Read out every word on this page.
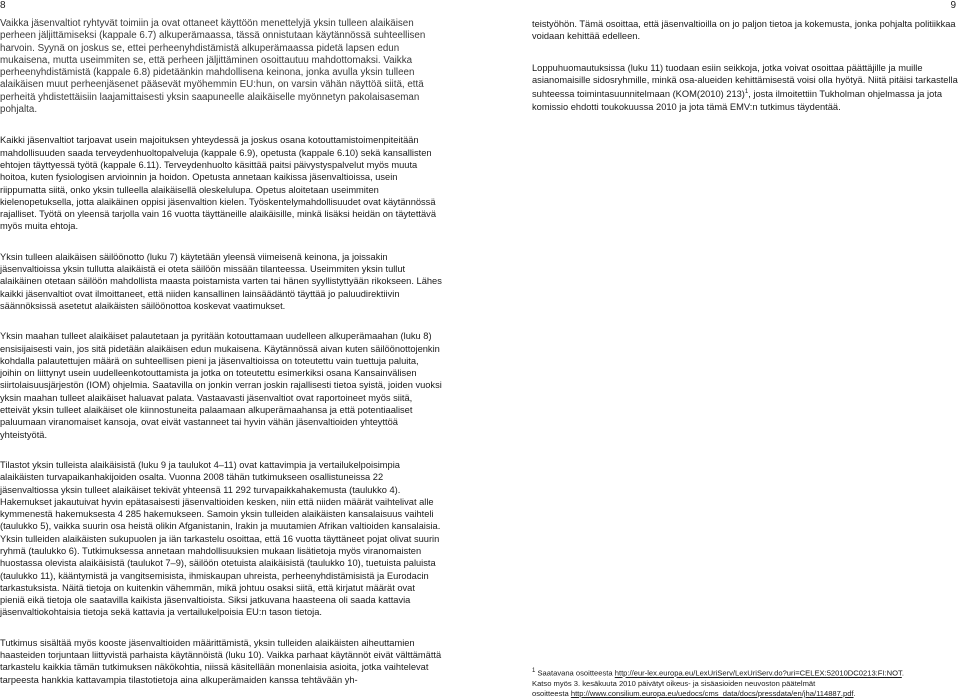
8	9

Vaikka jäsenvaltiot ryhtyvät toimiin ja ovat ottaneet käyttöön menettelyjä yksin tulleen alaikäisen perheen jäljittämiseksi (kappale 6.7) alkuperämaassa, tässä onnistutaan käytännössä suhteellisen harvoin. Syynä on joskus se, ettei perheenyhdistämistä alkuperämaassa pidetä lapsen edun mukaisena, mutta useimmiten se, että perheen jäljittäminen osoittautuu mahdottomaksi. Vaikka perheenyhdistämistä (kappale 6.8) pidetäänkin mahdollisena keinona, jonka avulla yksin tulleen alaikäisen muut perheenjäsenet pääsevät myöhemmin EU:hun, on varsin vähän näyttöä siitä, että perheitä yhdistettäisiin laajamittaisesti yksin saapuneelle alaikäiselle myönnetyn pakolaisaseman pohjalta.

Kaikki jäsenvaltiot tarjoavat usein majoituksen yhteydessä ja joskus osana kotouttamistoimenpiteitään mahdollisuuden saada terveydenhuoltopalveluja (kappale 6.9), opetusta (kappale 6.10) sekä kansallisten ehtojen täyttyessä työtä (kappale 6.11). Terveydenhuolto käsittää paitsi päivystyspalvelut myös muuta hoitoa, kuten fysiologisen arvioinnin ja hoidon. Opetusta annetaan kaikissa jäsenvaltioissa, usein riippumatta siitä, onko yksin tulleella alaikäisellä oleskelulupa. Opetus aloitetaan useimmiten kielenopetuksella, jotta alaikäinen oppisi jäsenvaltion kielen. Työskentelymahdollisuudet ovat käytännössä rajalliset. Työtä on yleensä tarjolla vain 16 vuotta täyttäneille alaikäisille, minkä lisäksi heidän on täytettävä myös muita ehtoja.

Yksin tulleen alaikäisen säilöönotto (luku 7) käytetään yleensä viimeisenä keinona, ja joissakin jäsenvaltioissa yksin tullutta alaikäistä ei oteta säilöön missään tilanteessa. Useimmiten yksin tullut alaikäinen otetaan säilöön mahdollista maasta poistamista varten tai hänen syyllistyttyään rikokseen. Lähes kaikki jäsenvaltiot ovat ilmoittaneet, että niiden kansallinen lainsäädäntö täyttää jo paluudirektiivin säännöksissä asetetut alaikäisten säilöönottoa koskevat vaatimukset.

Yksin maahan tulleet alaikäiset palautetaan ja pyritään kotouttamaan uudelleen alkuperämaahan (luku 8) ensisijaisesti vain, jos sitä pidetään alaikäisen edun mukaisena. Käytännössä aivan kuten säilöönottojenkin kohdalla palautettujen määrä on suhteellisen pieni ja jäsenvaltioissa on toteutettu vain tuettuja paluita, joihin on liittynyt usein uudelleenkotouttamista ja jotka on toteutettu esimerkiksi osana Kansainvälisen siirtolaisuusjärjestön (IOM) ohjelmia. Saatavilla on jonkin verran joskin rajallisesti tietoa syistä, joiden vuoksi yksin maahan tulleet alaikäiset haluavat palata. Vastaavasti jäsenvaltiot ovat raportoineet myös siitä, etteivät yksin tulleet alaikäiset ole kiinnostuneita palaamaan alkuperämaahansa ja että potentiaaliset paluumaan viranomaiset kansoja, ovat eivät vastanneet tai hyvin vähän jäsenvaltioiden yhteyttöä yhteistyötä.

Tilastot yksin tulleista alaikäisistä (luku 9 ja taulukot 4–11) ovat kattavimpia ja vertailukelpoisimpia alaikäisten turvapaikanhakijoiden osalta. Vuonna 2008 tähän tutkimukseen osallistuneissa 22 jäsenvaltiossa yksin tulleet alaikäiset tekivät yhteensä 11 292 turvapaikkahakemusta (taulukko 4). Hakemukset jakautuivat hyvin epätasaisesti jäsenvaltioiden kesken, niin että niiden määrät vaihtelivat alle kymmenestä hakemuksesta 4 285 hakemukseen. Samoin yksin tulleiden alaikäisten kansalaisuus vaihteli (taulukko 5), vaikka suurin osa heistä olikin Afganistanin, Irakin ja muutamien Afrikan valtioiden kansalaisia. Yksin tulleiden alaikäisten sukupuolen ja iän tarkastelu osoittaa, että 16 vuotta täyttäneet pojat olivat suurin ryhmä (taulukko 6). Tutkimuksessa annetaan mahdollisuuksien mukaan lisätietoja myös viranomaisten huostassa olevista alaikäisistä (taulukot 7–9), säilöön otetuista alaikäisistä (taulukko 10), tuetuista paluista (taulukko 11), kääntymistä ja vangitsemisista, ihmiskaupan uhreista, perheenyhdistämisistä ja Eurodacin tarkastuksista. Näitä tietoja on kuitenkin vähemmän, mikä johtuu osaksi siitä, että kirjatut määrät ovat pieniä eikä tietoja ole saatavilla kaikista jäsenvaltioista. Siksi jatkuvana haasteena oli saada kattavia jäsenvaltiokohtaisia tietoja sekä kattavia ja vertailukelpoisia EU:n tason tietoja.

Tutkimus sisältää myös kooste jäsenvaltioiden määrittämistä, yksin tulleiden alaikäisten aiheuttamien haasteiden torjuntaan liittyvistä parhaista käytännöistä (luku 10). Vaikka parhaat käytännöt eivät välttämättä tarkastelu kaikkia tämän tutkimuksen näkökohtia, niissä käsitellään monenlaisia asioita, jotka vaihtelevat tarpeesta hankkia kattavampia tilastotietoja aina alkuperämaiden kanssa tehtävään yh-

teistyöhön. Tämä osoittaa, että jäsenvaltioilla on jo paljon tietoa ja kokemusta, jonka pohjalta politiikkaa voidaan kehittää edelleen.

Loppuhuomautuksissa (luku 11) tuodaan esiin seikkoja, jotka voivat osoittaa päättäjille ja muille asianomaisille sidosryhmille, minkä osa-alueiden kehittämisestä voisi olla hyötyä. Niitä pitäisi tarkastella suhteessa toimintasuunnitelmaan (KOM(2010) 213)$^1$, josta ilmoitettiin Tukholman ohjelmassa ja jota komissio ehdotti toukokuussa 2010 ja jota tämä EMV:n tutkimus täydentää.

$^1$ Saatavana osoitteesta http://eur-lex.europa.eu/LexUriServ/LexUriServ.do?uri=CELEX:52010DC0213:FI:NOT.

Katso myös 3. kesäkuuta 2010 päivätyt oikeus- ja sisäasioiden neuvoston päätelmät

osoitteesta http://www.consilium.europa.eu/uedocs/cms_data/docs/pressdata/en/jha/114887.pdf.
